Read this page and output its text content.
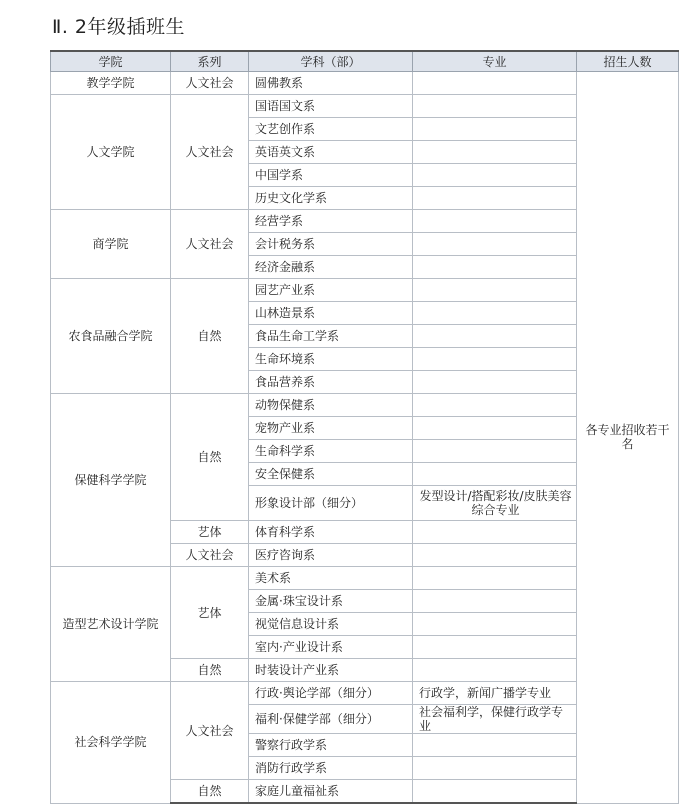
Ⅱ. 2年级插班生
学院	系列	学科（部）	专业	招生人数
教学学院	人文社会	圆佛教系		各专业招收若干名
人文学院	人文社会	国语国文系		
		文艺创作系		
		英语英文系		
		中国学系		
		历史文化学系		
商学院	人文社会	经营学系		
		会计税务系		
		经济金融系		
农食品融合学院	自然	园艺产业系		
		山林造景系		
		食品生命工学系		
		生命环境系		
		食品营养系		
保健科学学院	自然	动物保健系		
		宠物产业系		
		生命科学系		
		安全保健系		
		形象设计部（细分）	发型设计/搭配彩妆/皮肤美容综合专业	
	艺体	体育科学系		
	人文社会	医疗咨询系		
造型艺术设计学院	艺体	美术系		
		金属·珠宝设计系		
		视觉信息设计系		
		室内·产业设计系		
	自然	时装设计产业系		
社会科学学院	人文社会	行政·舆论学部（细分）	行政学，新闻广播学专业	
		福利·保健学部（细分）	社会福利学，保健行政学专业	
		警察行政学系		
		消防行政学系		
	自然	家庭儿童福祉系		
